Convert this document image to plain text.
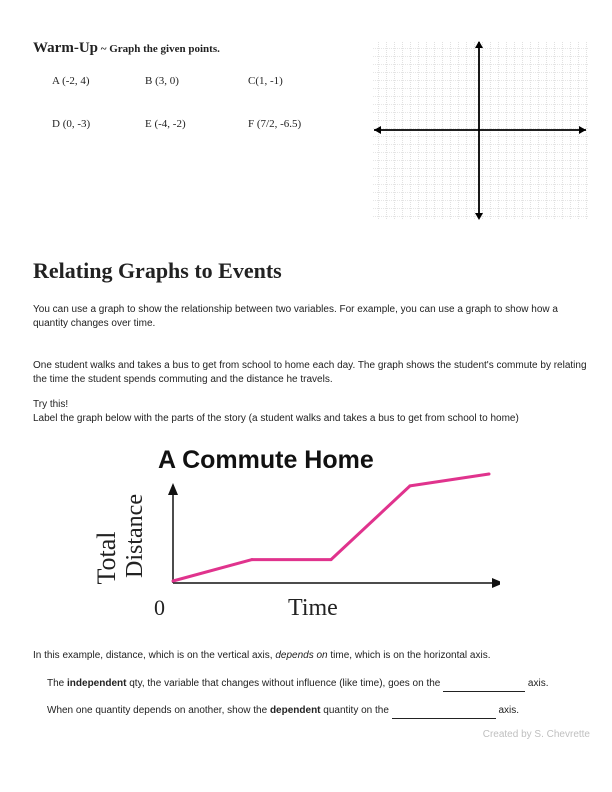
Warm-Up ~ Graph the given points.
A (-2, 4)	B (3, 0)	C(1, -1)
D (0, -3)	E (-4, -2)	F (7/2, -6.5)
Relating Graphs to Events

You can use a graph to show the relationship between two variables. For example, you can use a graph to show how a quantity changes over time.

One student walks and takes a bus to get from school to home each day. The graph shows the student's commute by relating the time the student spends commuting and the distance he travels.

Try this!

Label the graph below with the parts of the story (a student walks and takes a bus to get from school to home)

A Commute Home
Total Distance
0	Time

In this example, distance, which is on the vertical axis, depends on time, which is on the horizontal axis.

The independent qty, the variable that changes without influence (like time), goes on the	axis.

When one quantity depends on another, show the dependent quantity on the	axis.

Created by S. Chevrette
